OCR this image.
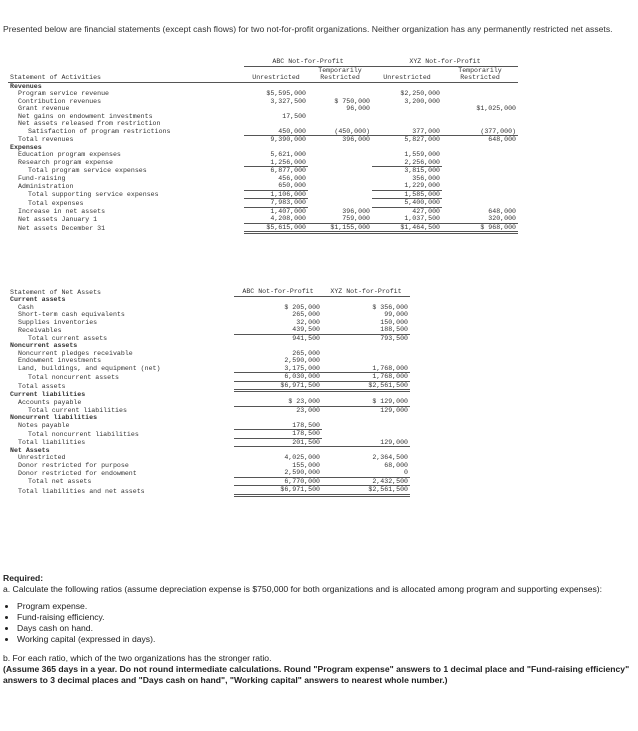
Presented below are financial statements (except cash flows) for two not-for-profit organizations. Neither organization has any permanently restricted net assets.
	ABC Not-for-Profit		XYZ Not-for-Profit	
		Temporarily		Temporarily
Statement of Activities	Unrestricted	Restricted	Unrestricted	Restricted
Revenues				
Program service revenue	$5,595,000		$2,250,000	
Contribution revenues	3,327,500	$ 750,000	3,200,000	
Grant revenue		96,000		$1,025,000
Net gains on endowment investments	17,500			
Net assets released from restriction				
Satisfaction of program restrictions	450,000	(450,000)	377,000	(377,000)
Total revenues	9,390,000	396,000	5,827,000	648,000
Expenses				
Education program expenses	5,621,000		1,559,000	
Research program expense	1,256,000		2,256,000	
Total program service expenses	6,877,000		3,815,000	
Fund-raising	456,000		356,000	
Administration	650,000		1,229,000	
Total supporting service expenses	1,106,000		1,585,000	
Total expenses	7,983,000		5,400,000	
Increase in net assets	1,407,000	396,000	427,000	648,000
Net assets January 1	4,208,000	759,000	1,037,500	320,000
Net assets December 31	$5,615,000	$1,155,000	$1,464,500	$ 968,000
Statement of Net Assets	ABC Not-for-Profit	XYZ Not-for-Profit
Current assets		
Cash	$ 205,000	$ 356,000
Short-term cash equivalents	265,000	99,000
Supplies inventories	32,000	150,000
Receivables	439,500	188,500
Total current assets	941,500	793,500
Noncurrent assets		
Noncurrent pledges receivable	265,000	
Endowment investments	2,590,000	
Land, buildings, and equipment (net)	3,175,000	1,768,000
Total noncurrent assets	6,030,000	1,768,000
Total assets	$6,971,500	$2,561,500
Current liabilities		
Accounts payable	$ 23,000	$ 129,000
Total current liabilities	23,000	129,000
Noncurrent liabilities		
Notes payable	178,500	
Total noncurrent liabilities	178,500	
Total liabilities	201,500	129,000
Net Assets		
Unrestricted	4,025,000	2,364,500
Donor restricted for purpose	155,000	68,000
Donor restricted for endowment	2,590,000	0
Total net assets	6,770,000	2,432,500
Total liabilities and net assets	$6,971,500	$2,561,500
Required:
a. Calculate the following ratios (assume depreciation expense is $750,000 for both organizations and is allocated among program and supporting expenses):
• Program expense.
• Fund-raising efficiency.
• Days cash on hand.
• Working capital (expressed in days).
b. For each ratio, which of the two organizations has the stronger ratio.
(Assume 365 days in a year. Do not round intermediate calculations. Round "Program expense" answers to 1 decimal place and "Fund-raising efficiency" answers to 3 decimal places and "Days cash on hand", "Working capital" answers to nearest whole number.)
